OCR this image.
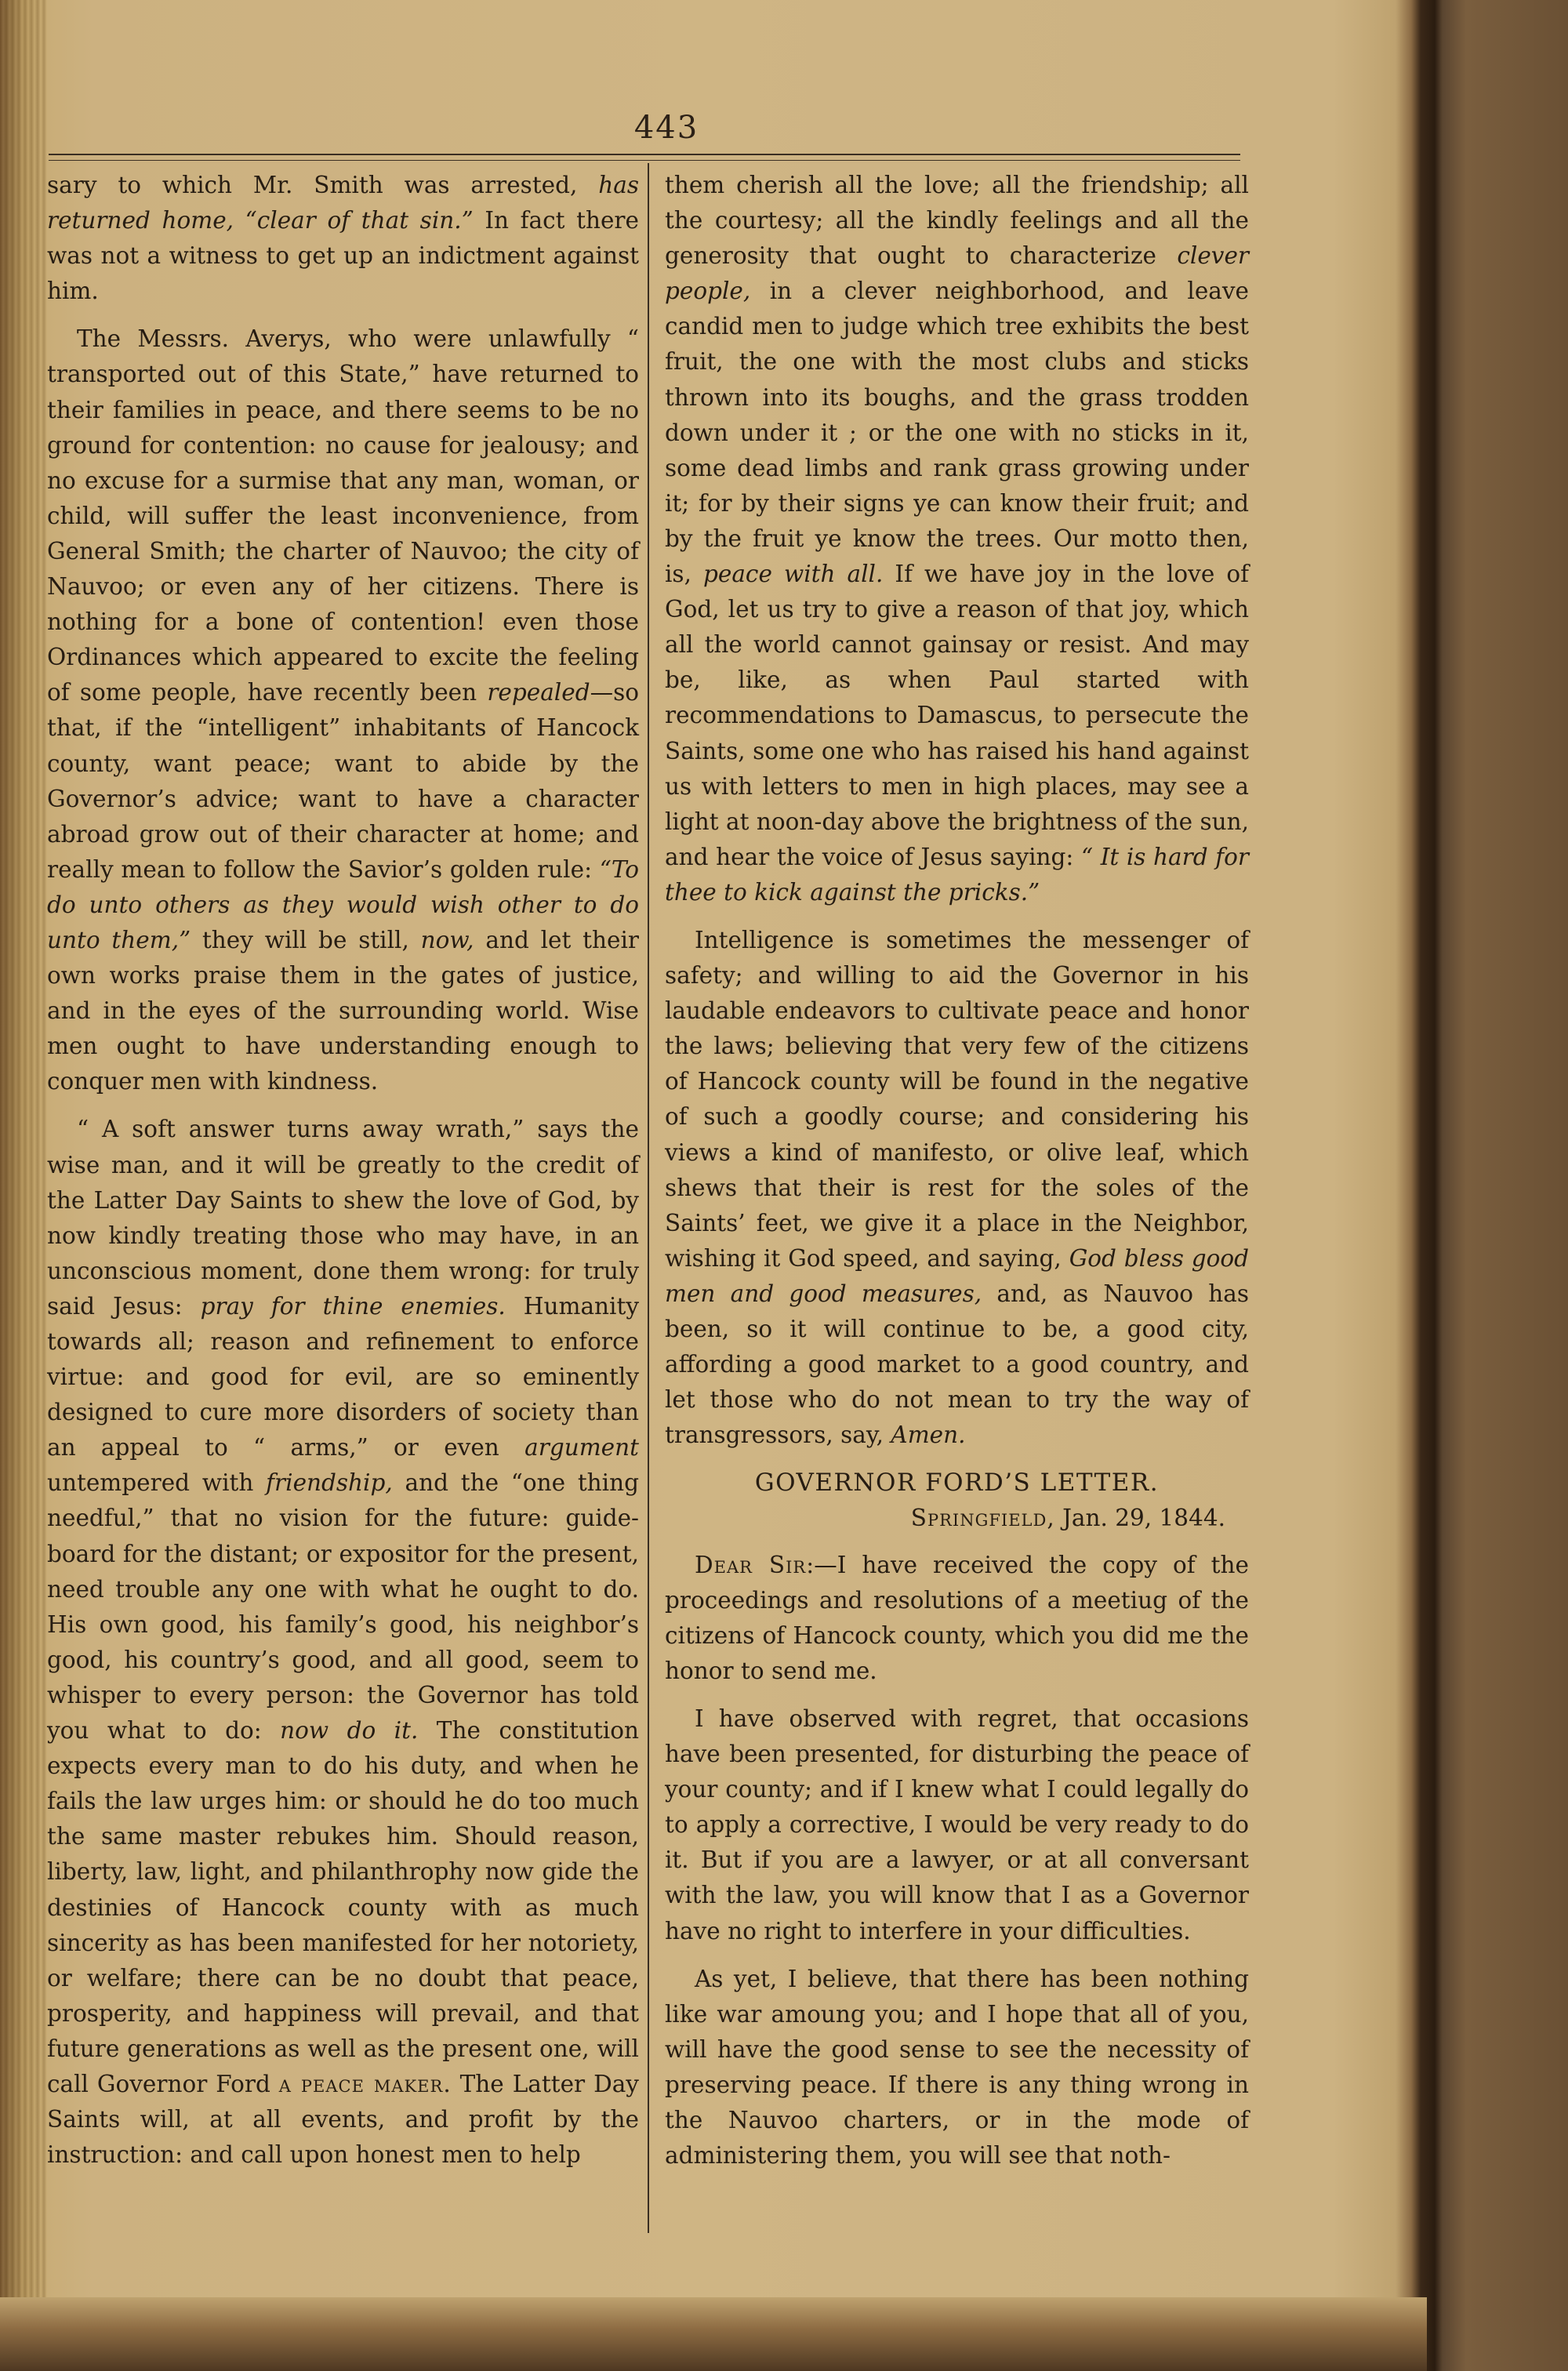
443

sary to which Mr. Smith was arrested, has returned home, “clear of that sin.” In fact there was not a witness to get up an indictment against him.

The Messrs. Averys, who were unlawfully “ transported out of this State,” have returned to their families in peace, and there seems to be no ground for contention: no cause for jealousy; and no excuse for a surmise that any man, woman, or child, will suffer the least inconvenience, from General Smith; the charter of Nauvoo; the city of Nauvoo; or even any of her citizens. There is nothing for a bone of contention! even those Ordinances which appeared to excite the feeling of some people, have recently been repealed—so that, if the “intelligent” inhabitants of Hancock county, want peace; want to abide by the Governor’s advice; want to have a character abroad grow out of their character at home; and really mean to follow the Savior’s golden rule: “To do unto others as they would wish other to do unto them,” they will be still, now, and let their own works praise them in the gates of justice, and in the eyes of the surrounding world. Wise men ought to have understanding enough to conquer men with kindness.

“ A soft answer turns away wrath,” says the wise man, and it will be greatly to the credit of the Latter Day Saints to shew the love of God, by now kindly treating those who may have, in an unconscious moment, done them wrong: for truly said Jesus: pray for thine enemies. Humanity towards all; reason and refinement to enforce virtue: and good for evil, are so eminently designed to cure more disorders of society than an appeal to “ arms,” or even argument untempered with friendship, and the “one thing needful,” that no vision for the future: guide-board for the distant; or expositor for the present, need trouble any one with what he ought to do. His own good, his family’s good, his neighbor’s good, his country’s good, and all good, seem to whisper to every person: the Governor has told you what to do: now do it. The constitution expects every man to do his duty, and when he fails the law urges him: or should he do too much the same master rebukes him. Should reason, liberty, law, light, and philanthrophy now gide the destinies of Hancock county with as much sincerity as has been manifested for her notoriety, or welfare; there can be no doubt that peace, prosperity, and happiness will prevail, and that future generations as well as the present one, will call Governor Ford a peace maker. The Latter Day Saints will, at all events, and profit by the instruction: and call upon honest men to help

them cherish all the love; all the friendship; all the courtesy; all the kindly feelings and all the generosity that ought to characterize clever people, in a clever neighborhood, and leave candid men to judge which tree exhibits the best fruit, the one with the most clubs and sticks thrown into its boughs, and the grass trodden down under it ; or the one with no sticks in it, some dead limbs and rank grass growing under it; for by their signs ye can know their fruit; and by the fruit ye know the trees. Our motto then, is, peace with all. If we have joy in the love of God, let us try to give a reason of that joy, which all the world cannot gainsay or resist. And may be, like, as when Paul started with recommendations to Damascus, to persecute the Saints, some one who has raised his hand against us with letters to men in high places, may see a light at noon-day above the brightness of the sun, and hear the voice of Jesus saying: “ It is hard for thee to kick against the pricks.”

Intelligence is sometimes the messenger of safety; and willing to aid the Governor in his laudable endeavors to cultivate peace and honor the laws; believing that very few of the citizens of Hancock county will be found in the negative of such a goodly course; and considering his views a kind of manifesto, or olive leaf, which shews that their is rest for the soles of the Saints’ feet, we give it a place in the Neighbor, wishing it God speed, and saying, God bless good men and good measures, and, as Nauvoo has been, so it will continue to be, a good city, affording a good market to a good country, and let those who do not mean to try the way of transgressors, say, Amen.

GOVERNOR FORD’S LETTER.
Springfield, Jan. 29, 1844.

Dear Sir:—I have received the copy of the proceedings and resolutions of a meetiug of the citizens of Hancock county, which you did me the honor to send me.

I have observed with regret, that occasions have been presented, for disturbing the peace of your county; and if I knew what I could legally do to apply a corrective, I would be very ready to do it. But if you are a lawyer, or at all conversant with the law, you will know that I as a Governor have no right to interfere in your difficulties.

As yet, I believe, that there has been nothing like war amoung you; and I hope that all of you, will have the good sense to see the necessity of preserving peace. If there is any thing wrong in the Nauvoo charters, or in the mode of administering them, you will see that noth-
